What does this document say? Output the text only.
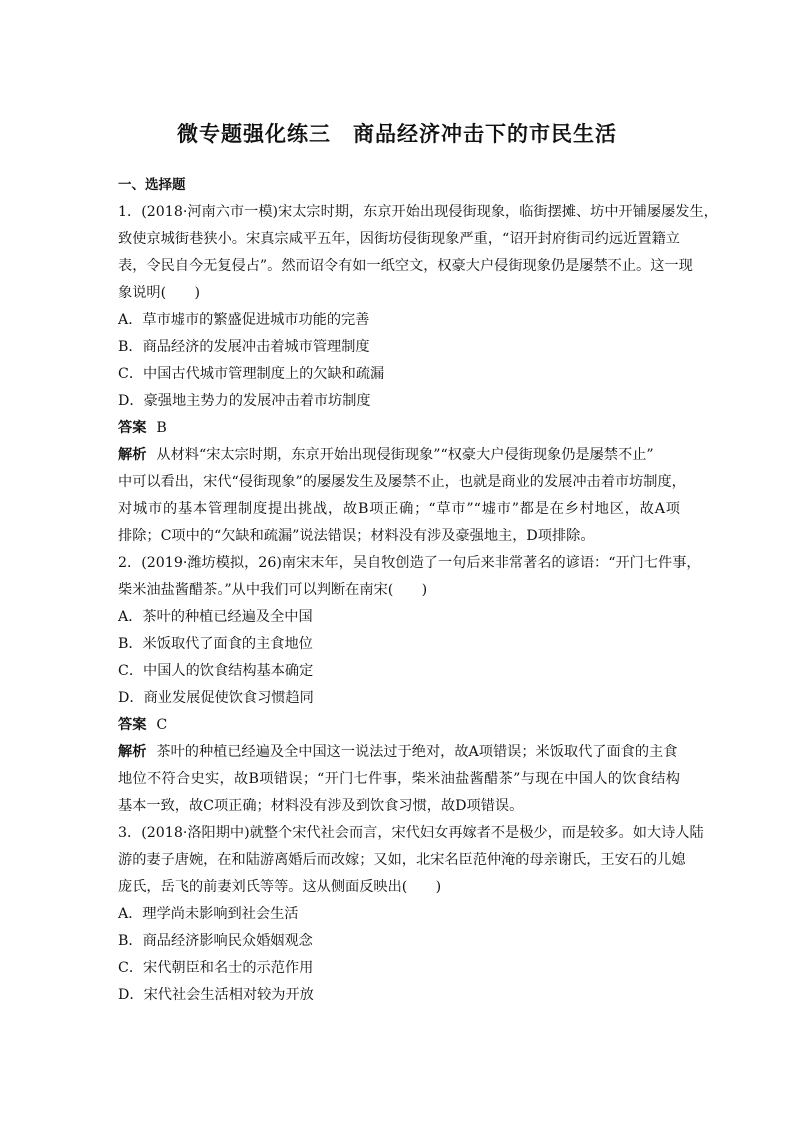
微专题强化练三　商品经济冲击下的市民生活
一、选择题
1．(2018·河南六市一模)宋太宗时期，东京开始出现侵街现象，临街摆摊、坊中开铺屡屡发生，
致使京城街巷狭小。宋真宗咸平五年，因街坊侵街现象严重，“诏开封府街司约远近置籍立
表，令民自今无复侵占”。然而诏令有如一纸空文，权豪大户侵街现象仍是屡禁不止。这一现
象说明(　　)
A．草市墟市的繁盛促进城市功能的完善
B．商品经济的发展冲击着城市管理制度
C．中国古代城市管理制度上的欠缺和疏漏
D．豪强地主势力的发展冲击着市坊制度
答案 B
解析 从材料“宋太宗时期，东京开始出现侵街现象”“权豪大户侵街现象仍是屡禁不止”
中可以看出，宋代“侵街现象”的屡屡发生及屡禁不止，也就是商业的发展冲击着市坊制度，
对城市的基本管理制度提出挑战，故B项正确；“草市”“墟市”都是在乡村地区，故A项
排除；C项中的“欠缺和疏漏”说法错误；材料没有涉及豪强地主，D项排除。
2．(2019·潍坊模拟，26)南宋末年，吴自牧创造了一句后来非常著名的谚语：“开门七件事，
柴米油盐酱醋茶。”从中我们可以判断在南宋(　　)
A．茶叶的种植已经遍及全中国
B．米饭取代了面食的主食地位
C．中国人的饮食结构基本确定
D．商业发展促使饮食习惯趋同
答案 C
解析 茶叶的种植已经遍及全中国这一说法过于绝对，故A项错误；米饭取代了面食的主食
地位不符合史实，故B项错误；“开门七件事，柴米油盐酱醋茶”与现在中国人的饮食结构
基本一致，故C项正确；材料没有涉及到饮食习惯，故D项错误。
3．(2018·洛阳期中)就整个宋代社会而言，宋代妇女再嫁者不是极少，而是较多。如大诗人陆
游的妻子唐婉，在和陆游离婚后而改嫁；又如，北宋名臣范仲淹的母亲谢氏，王安石的儿媳
庞氏，岳飞的前妻刘氏等等。这从侧面反映出(　　)
A．理学尚未影响到社会生活
B．商品经济影响民众婚姻观念
C．宋代朝臣和名士的示范作用
D．宋代社会生活相对较为开放
